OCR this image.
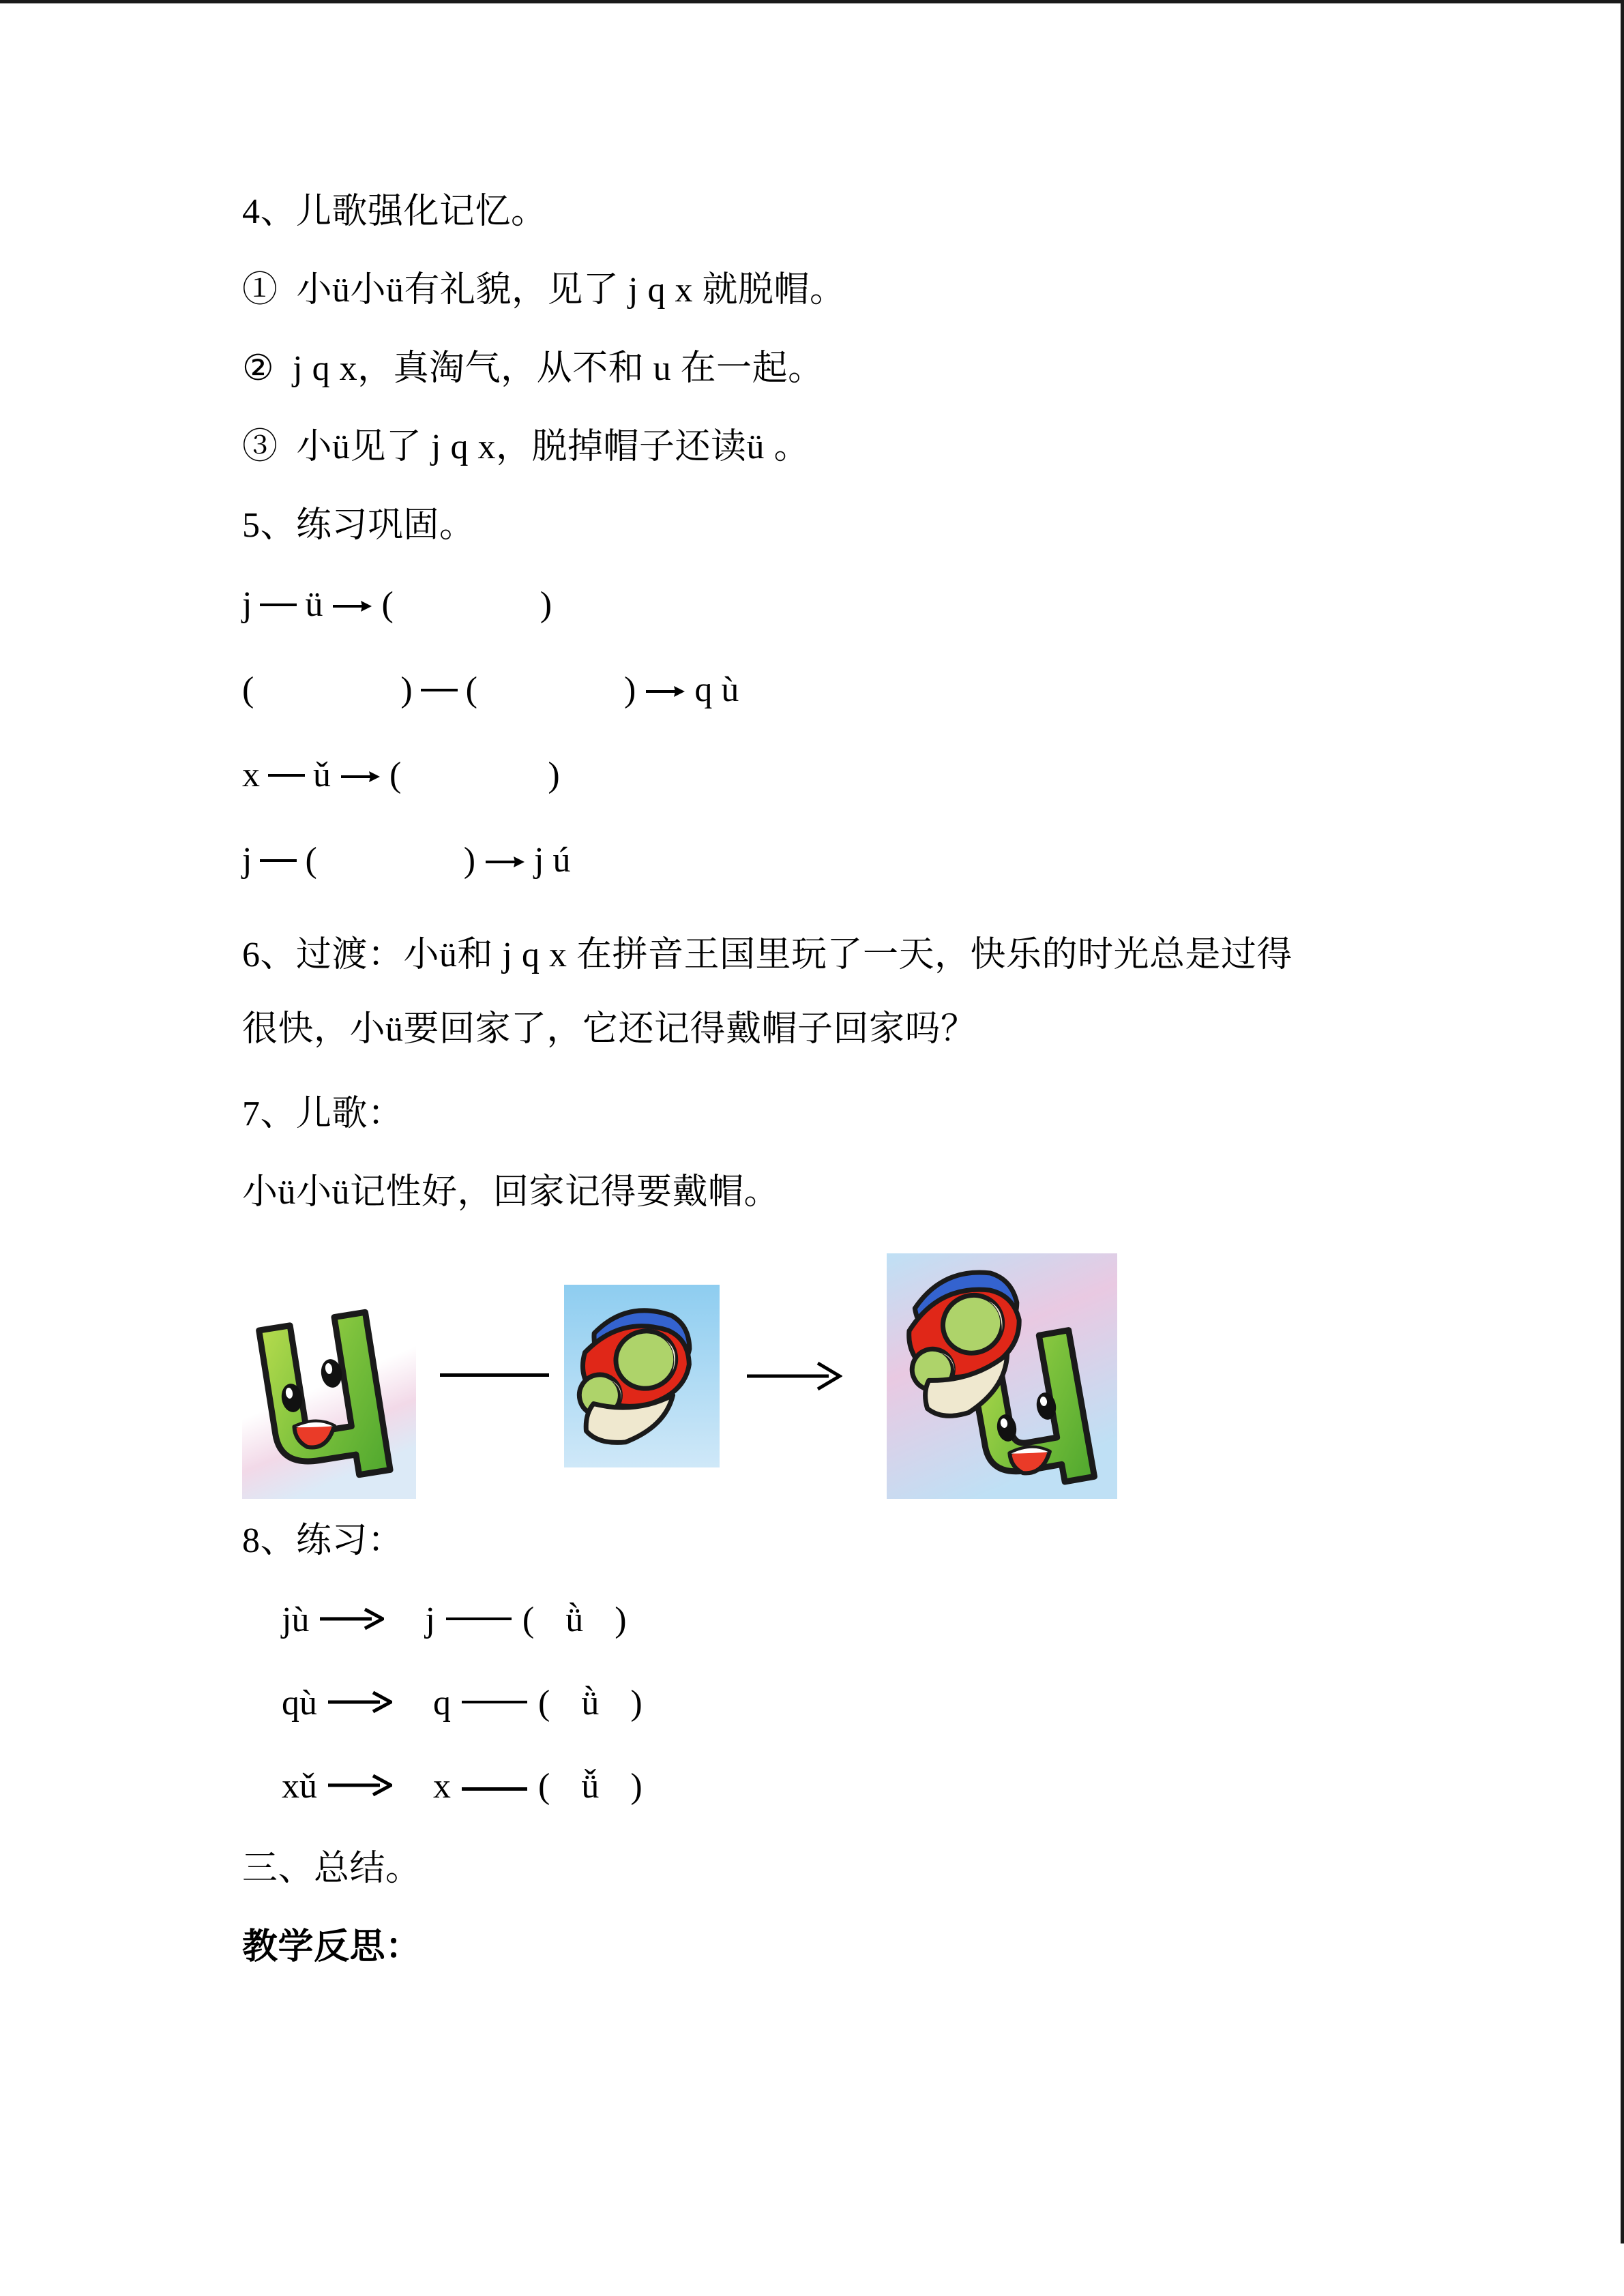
4、儿歌强化记忆。

①  小ü小ü有礼貌，见了 j q x 就脱帽。

②  j q x，真淘气，从不和 u 在一起。

③  小ü见了 j q x，脱掉帽子还读ü 。

5、练习巩固。

j ü (	)

(	) (	) q ù

x ǔ (	)

j (	) j ú

6、过渡：小ü和 j q x 在拼音王国里玩了一天，快乐的时光总是过得

很快，小ü要回家了，它还记得戴帽子回家吗？

7、儿歌：

小ü小ü记性好，回家记得要戴帽。

8、练习：

jù	j ( ǜ )

qù	q ( ǜ )

xǔ	x ( ǚ )

三、总结。

教学反思：
